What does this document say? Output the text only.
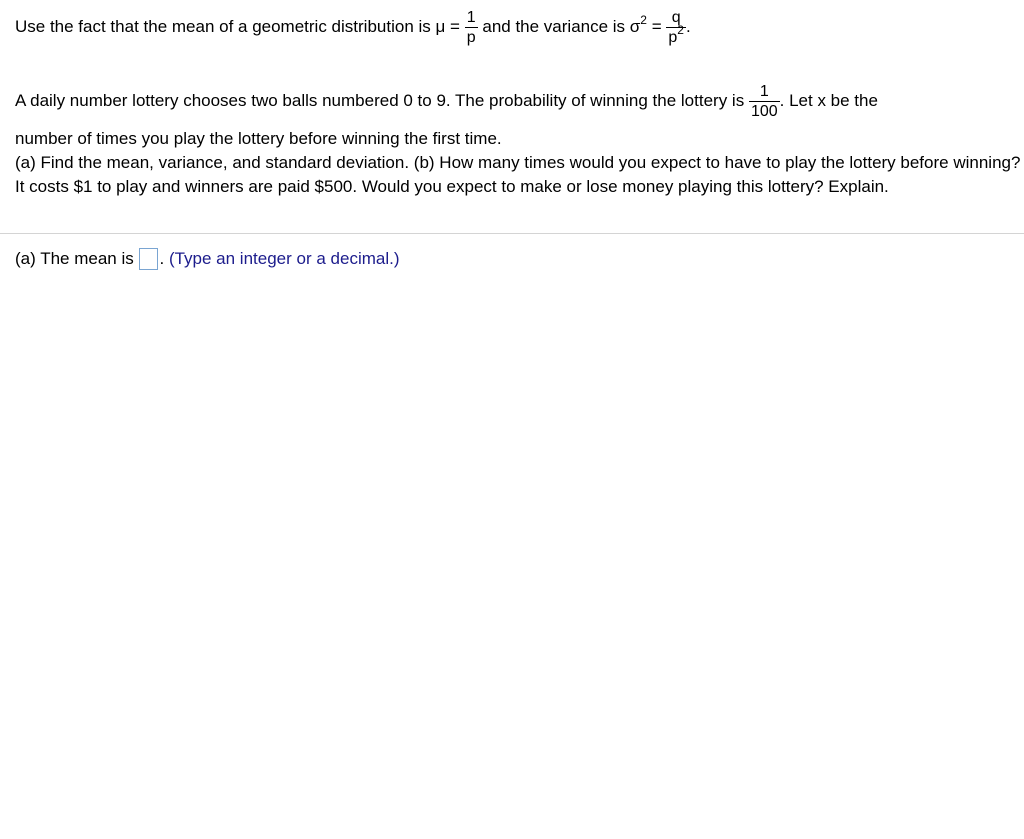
Use the fact that the mean of a geometric distribution is $\mu = \frac{1}{p}$ and the variance is $\sigma^2 = \frac{q}{p^2}$ .
A daily number lottery chooses two balls numbered 0 to 9. The probability of winning the lottery is $\frac{1}{100}$ . Let x be the
number of times you play the lottery before winning the first time.
(a) Find the mean, variance, and standard deviation. (b) How many times would you expect to have to play the lottery before winning? It costs $1 to play and winners are paid $500. Would you expect to make or lose money playing this lottery? Explain.
(a) The mean is . (Type an integer or a decimal.)
